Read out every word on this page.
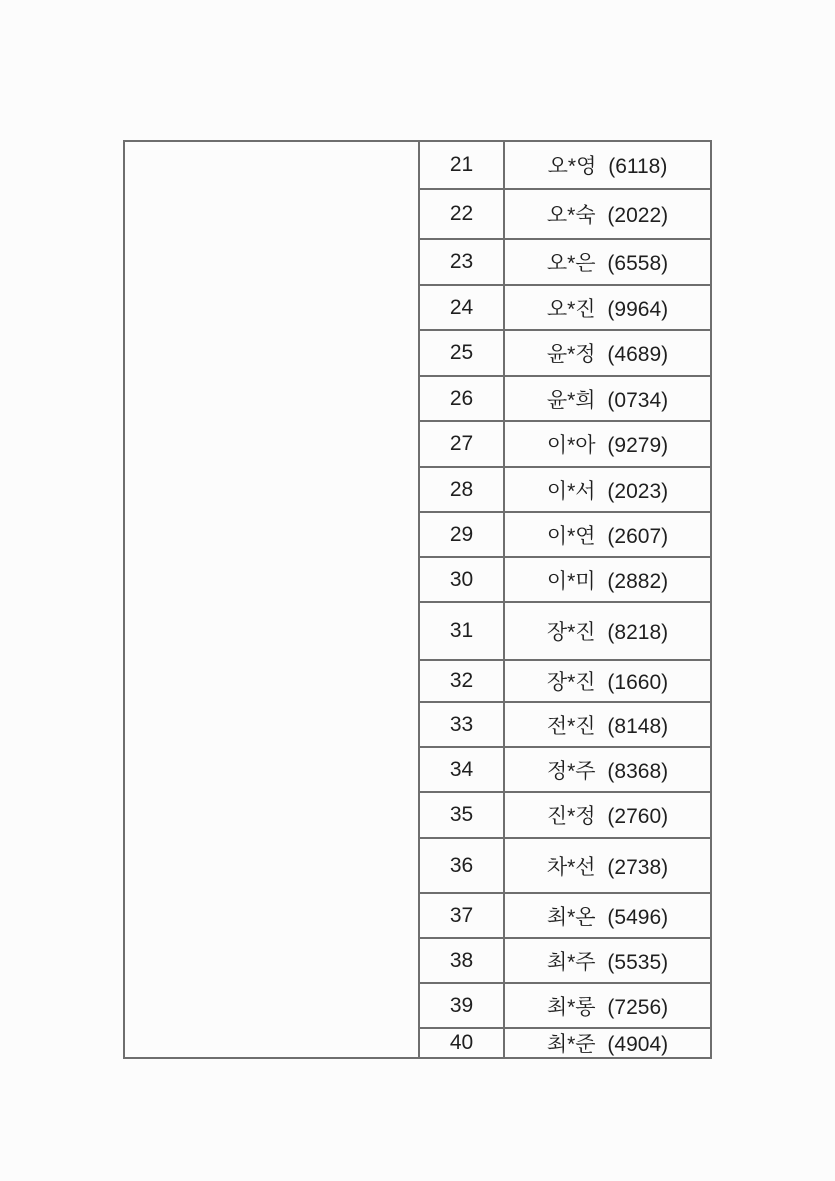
21	오*영 (6118)
22	오*숙 (2022)
23	오*은 (6558)
24	오*진 (9964)
25	윤*정 (4689)
26	윤*희 (0734)
27	이*아 (9279)
28	이*서 (2023)
29	이*연 (2607)
30	이*미 (2882)
31	장*진 (8218)
32	장*진 (1660)
33	전*진 (8148)
34	정*주 (8368)
35	진*정 (2760)
36	차*선 (2738)
37	최*온 (5496)
38	최*주 (5535)
39	최*롱 (7256)
40	최*준 (4904)
